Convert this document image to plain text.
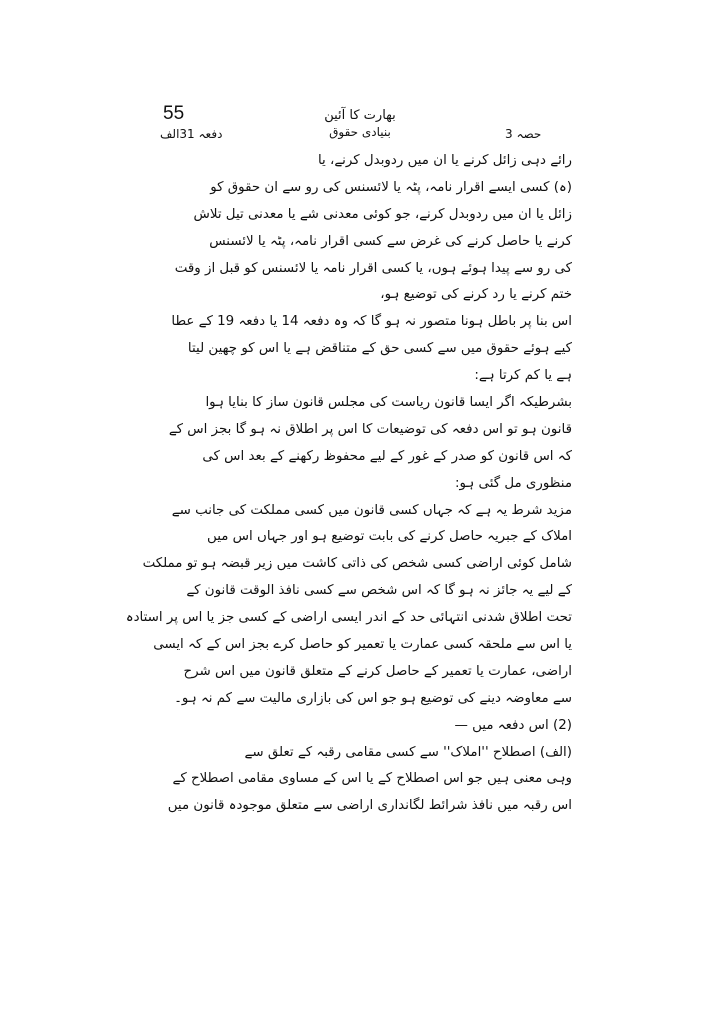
55	بھارت کا آئین
بنیادی حقوق
دفعہ 31الف	حصہ 3
رائے دہی زائل کرنے یا ان میں ردوبدل کرنے، یا
(ہ) کسی ایسے اقرار نامہ، پٹہ یا لائسنس کی رو سے ان حقوق کو
زائل یا ان میں ردوبدل کرنے، جو کوئی معدنی شے یا معدنی تیل تلاش
کرنے یا حاصل کرنے کی غرض سے کسی اقرار نامہ، پٹہ یا لائسنس
کی رو سے پیدا ہوئے ہوں، یا کسی اقرار نامہ یا لائسنس کو قبل از وقت
ختم کرنے یا رد کرنے کی توضیع ہو،
اس بنا پر باطل ہونا متصور نہ ہو گا کہ وہ دفعہ 14 یا دفعہ 19 کے عطا
کیے ہوئے حقوق میں سے کسی حق کے متناقض ہے یا اس کو چھین لیتا
ہے یا کم کرتا ہے:
بشرطیکہ اگر ایسا قانون ریاست کی مجلس قانون ساز کا بنایا ہوا
قانون ہو تو اس دفعہ کی توضیعات کا اس پر اطلاق نہ ہو گا بجز اس کے
کہ اس قانون کو صدر کے غور کے لیے محفوظ رکھنے کے بعد اس کی
منظوری مل گئی ہو:
مزید شرط یہ ہے کہ جہاں کسی قانون میں کسی مملکت کی جانب سے
املاک کے جبریہ حاصل کرنے کی بابت توضیع ہو اور جہاں اس میں
شامل کوئی اراضی کسی شخص کی ذاتی کاشت میں زیر قبضہ ہو تو مملکت
کے لیے یہ جائز نہ ہو گا کہ اس شخص سے کسی نافذ الوقت قانون کے
تحت اطلاق شدنی انتہائی حد کے اندر ایسی اراضی کے کسی جز یا اس پر استادہ
یا اس سے ملحقہ کسی عمارت یا تعمیر کو حاصل کرے بجز اس کے کہ ایسی
اراضی، عمارت یا تعمیر کے حاصل کرنے کے متعلق قانون میں اس شرح
سے معاوضہ دینے کی توضیع ہو جو اس کی بازاری مالیت سے کم نہ ہو۔
(2) اس دفعہ میں —
(الف) اصطلاح ''املاک'' سے کسی مقامی رقبہ کے تعلق سے
وہی معنی ہیں جو اس اصطلاح کے یا اس کے مساوی مقامی اصطلاح کے
اس رقبہ میں نافذ شرائط لگانداری اراضی سے متعلق موجودہ قانون میں
